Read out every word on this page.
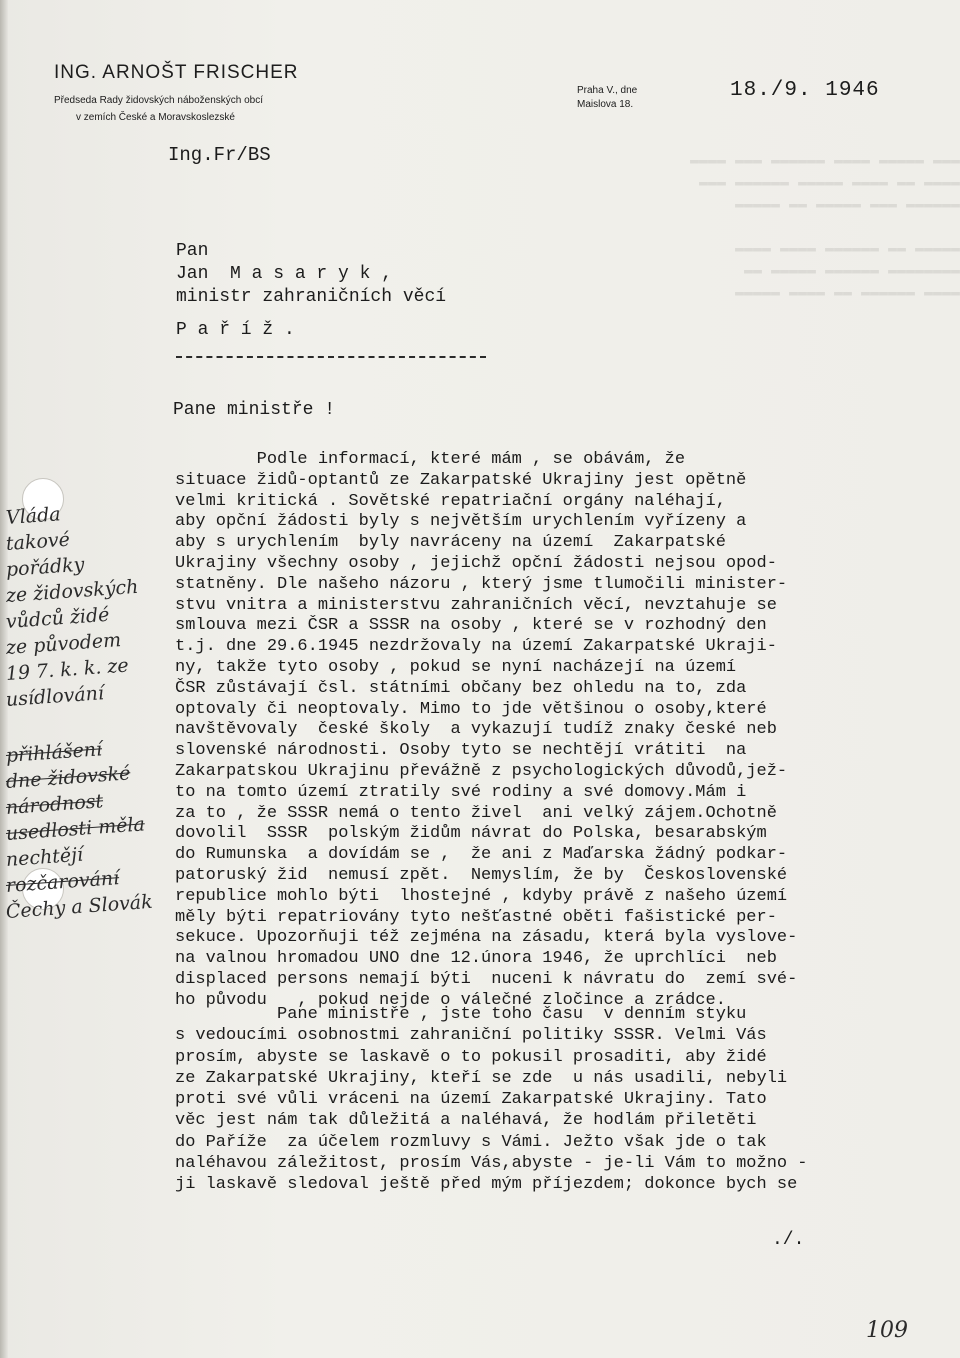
▬▬▬ ▬▬▬▬▬ ▬▬▬▬ ▬▬▬▬▬▬ ▬▬▬ ▬▬▬▬
▬▬▬▬ ▬▬ ▬▬▬▬ ▬▬▬▬▬ ▬▬▬▬▬▬ ▬▬▬
▬▬▬▬▬▬ ▬▬▬ ▬▬▬▬▬ ▬▬ ▬▬▬▬▬

▬▬▬▬▬ ▬▬ ▬▬▬▬▬▬ ▬▬▬▬ ▬▬▬▬
▬▬▬▬▬▬▬▬ ▬▬▬▬▬▬ ▬▬▬▬▬ ▬▬
▬▬▬▬ ▬▬▬▬▬▬ ▬▬ ▬▬▬▬ ▬▬▬▬▬
ING. ARNOŠT FRISCHER
Předseda Rady židovských náboženských obcí
v zemích České a Moravskoslezské
Praha V., dne
Maislova 18.
18./9. 1946
Ing.Fr/BS
Pan
Jan  M a s a r y k ,
ministr zahraničních věcí
P a ř í ž .
Pane ministře !
Podle informací, které mám , se obávám, že
situace židů-optantů ze Zakarpatské Ukrajiny jest opětně
velmi kritická . Sovětské repatriační orgány naléhají,
aby opční žádosti byly s největším urychlením vyřízeny a
aby s urychlením  byly navráceny na území  Zakarpatské
Ukrajiny všechny osoby , jejichž opční žádosti nejsou opod-
statněny. Dle našeho názoru , který jsme tlumočili minister-
stvu vnitra a ministerstvu zahraničních věcí, nevztahuje se
smlouva mezi ČSR a SSSR na osoby , které se v rozhodný den
t.j. dne 29.6.1945 nezdržovaly na území Zakarpatské Ukraji-
ny, takže tyto osoby , pokud se nyní nacházejí na území
ČSR zůstávají čsl. státními občany bez ohledu na to, zda
optovaly či neoptovaly. Mimo to jde většinou o osoby,které
navštěvovaly  české školy  a vykazují tudíž znaky české neb
slovenské národnosti. Osoby tyto se nechtějí vrátiti  na
Zakarpatskou Ukrajinu převážně z psychologických důvodů,jež-
to na tomto území ztratily své rodiny a své domovy.Mám i
za to , že SSSR nemá o tento živel  ani velký zájem.Ochotně
dovolil  SSSR  polským židům návrat do Polska, besarabským
do Rumunska  a dovídám se ,  že ani z Maďarska žádný podkar-
patoruský žid  nemusí zpět.  Nemyslím, že by  Československé
republice mohlo býti  lhostejné , kdyby právě z našeho území
měly býti repatriovány tyto nešťastné oběti fašistické per-
sekuce. Upozorňuji též zejména na zásadu, která byla vyslove-
na valnou hromadou UNO dne 12.února 1946, že uprchlíci  neb
displaced persons nemají býti  nuceni k návratu do  zemí své-
ho původu   , pokud nejde o válečné zločince a zrádce.
Pane ministře , jste toho času  v denním styku
s vedoucími osobnostmi zahraniční politiky SSSR. Velmi Vás
prosím, abyste se laskavě o to pokusil prosaditi, aby židé
ze Zakarpatské Ukrajiny, kteří se zde  u nás usadili, nebyli
proti své vůli vráceni na území Zakarpatské Ukrajiny. Tato
věc jest nám tak důležitá a naléhavá, že hodlám přiletěti
do Paříže  za účelem rozmluvy s Vámi. Ježto však jde o tak
naléhavou záležitost, prosím Vás,abyste - je-li Vám to možno -
ji laskavě sledoval ještě před mým příjezdem; dokonce bych se
./.
109
Vláda
takové
pořádky
ze židovských
vůdců židé
ze původem
19 7. k. k. ze
usídlování
přihlášení
dne židovské
národnost
usedlosti měla
nechtějí
rozčarování
Čechy a Slovák
